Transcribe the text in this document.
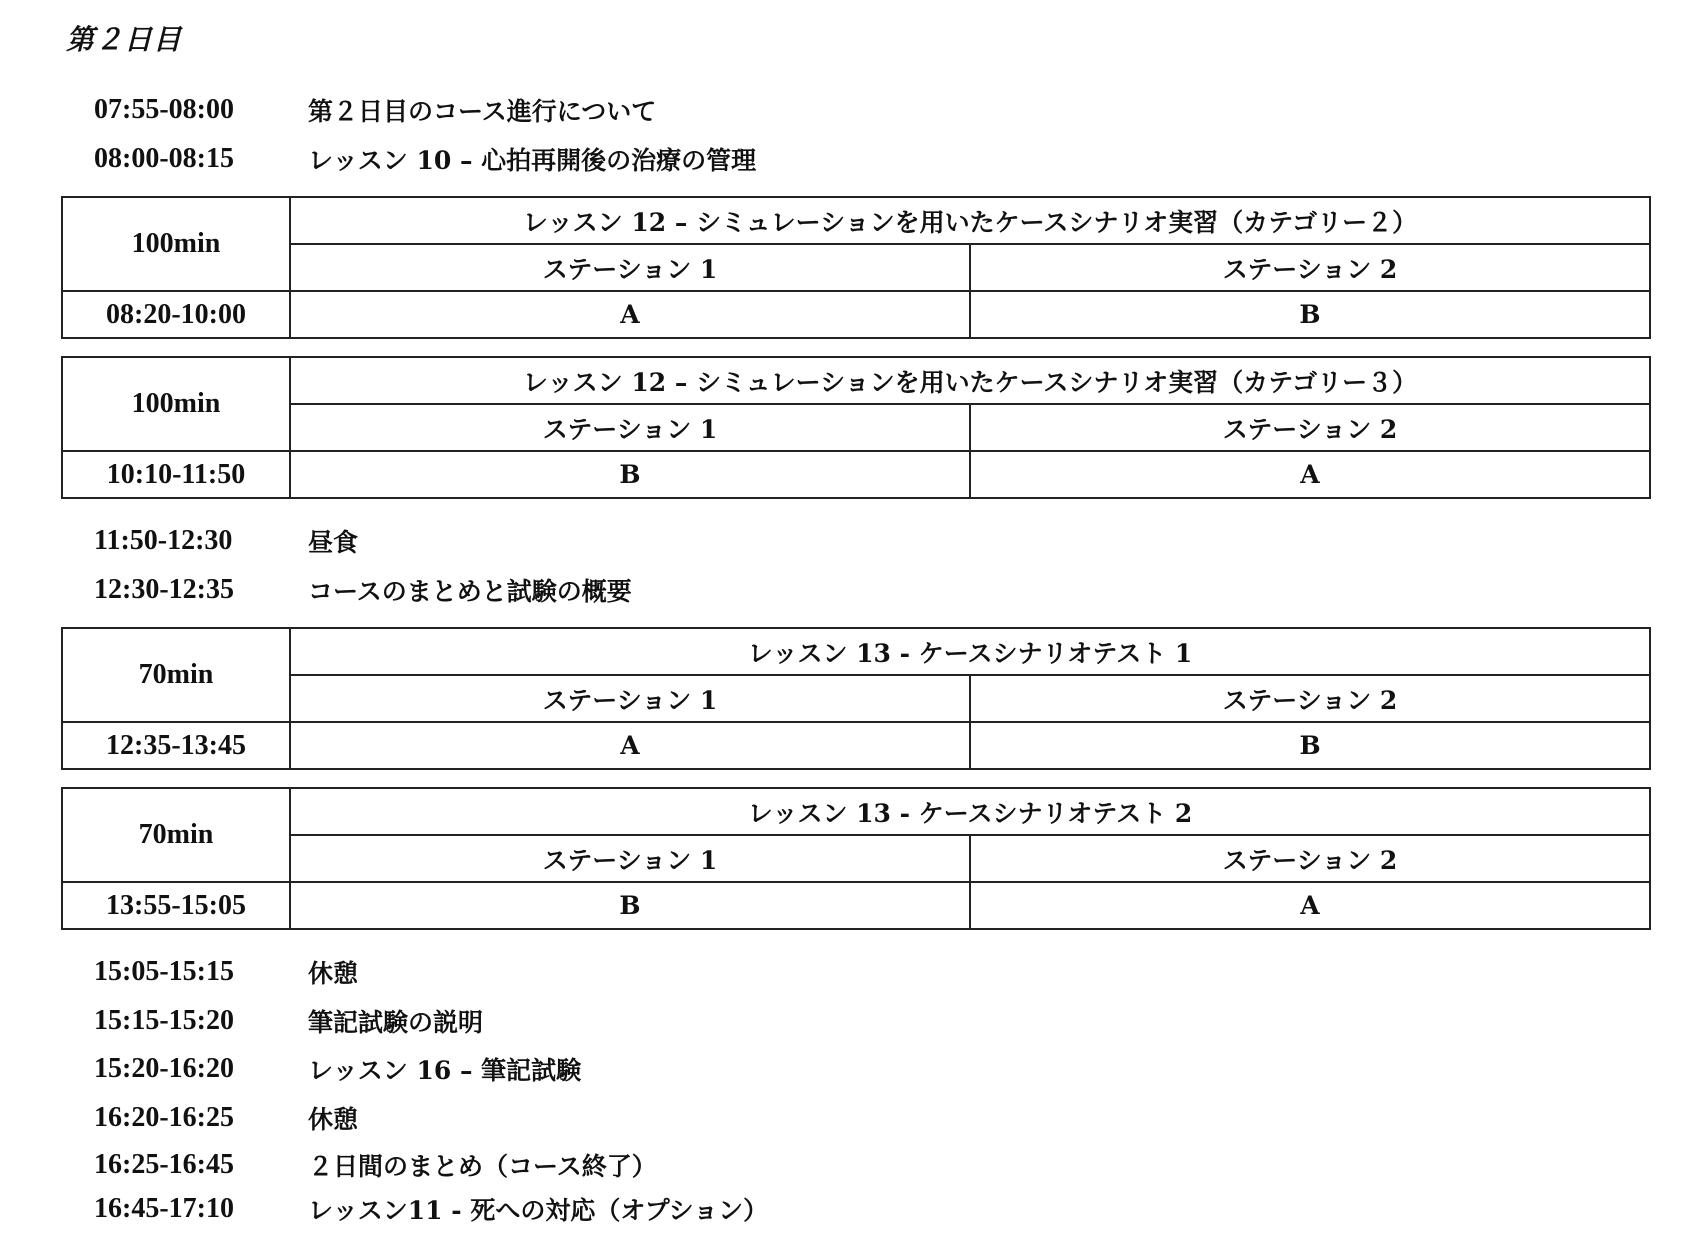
第２日目
07:55-08:00	第２日目のコース進行について
08:00-08:15	レッスン 10 – 心拍再開後の治療の管理
100min	レッスン 12 – シミュレーションを用いたケースシナリオ実習（カテゴリー２）	
	ステーション 1	ステーション 2
08:20-10:00	A	B
100min	レッスン 12 – シミュレーションを用いたケースシナリオ実習（カテゴリー３）	
	ステーション 1	ステーション 2
10:10-11:50	B	A
11:50-12:30	昼食
12:30-12:35	コースのまとめと試験の概要
70min	レッスン 13 - ケースシナリオテスト 1	
	ステーション 1	ステーション 2
12:35-13:45	A	B
70min	レッスン 13 - ケースシナリオテスト 2	
	ステーション 1	ステーション 2
13:55-15:05	B	A
15:05-15:15	休憩
15:15-15:20	筆記試験の説明
15:20-16:20	レッスン 16 – 筆記試験
16:20-16:25	休憩
16:25-16:45	２日間のまとめ（コース終了）
16:45-17:10	レッスン11 - 死への対応（オプション）
